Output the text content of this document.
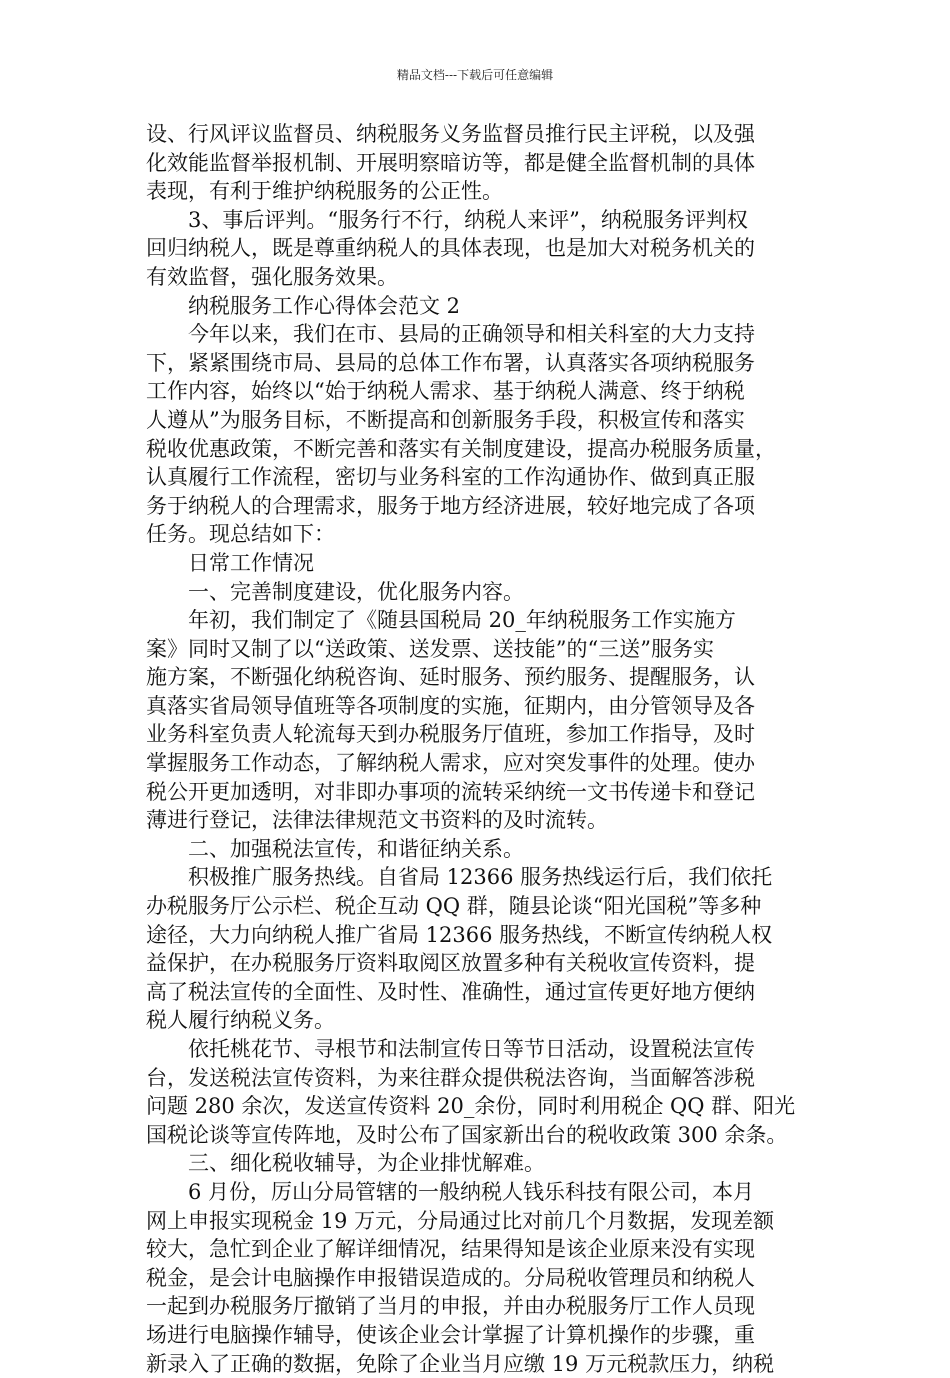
精品文档---下载后可任意编辑
设、行风评议监督员、纳税服务义务监督员推行民主评税，以及强
化效能监督举报机制、开展明察暗访等，都是健全监督机制的具体
表现，有利于维护纳税服务的公正性。
3、事后评判。“服务行不行，纳税人来评”，纳税服务评判权
回归纳税人，既是尊重纳税人的具体表现，也是加大对税务机关的
有效监督，强化服务效果。
纳税服务工作心得体会范文 2
今年以来，我们在市、县局的正确领导和相关科室的大力支持
下，紧紧围绕市局、县局的总体工作布署，认真落实各项纳税服务
工作内容，始终以“始于纳税人需求、基于纳税人满意、终于纳税
人遵从”为服务目标，不断提高和创新服务手段，积极宣传和落实
税收优惠政策，不断完善和落实有关制度建设，提高办税服务质量，
认真履行工作流程，密切与业务科室的工作沟通协作、做到真正服
务于纳税人的合理需求，服务于地方经济进展，较好地完成了各项
任务。现总结如下：
日常工作情况
一、完善制度建设，优化服务内容。
年初，我们制定了《随县国税局 20_年纳税服务工作实施方
案》同时又制了以“送政策、送发票、送技能”的“三送”服务实
施方案，不断强化纳税咨询、延时服务、预约服务、提醒服务，认
真落实省局领导值班等各项制度的实施，征期内，由分管领导及各
业务科室负责人轮流每天到办税服务厅值班，参加工作指导，及时
掌握服务工作动态，了解纳税人需求，应对突发事件的处理。使办
税公开更加透明，对非即办事项的流转采纳统一文书传递卡和登记
薄进行登记，法律法律规范文书资料的及时流转。
二、加强税法宣传，和谐征纳关系。
积极推广服务热线。自省局 12366 服务热线运行后，我们依托
办税服务厅公示栏、税企互动 QQ 群，随县论谈“阳光国税”等多种
途径，大力向纳税人推广省局 12366 服务热线，不断宣传纳税人权
益保护，在办税服务厅资料取阅区放置多种有关税收宣传资料，提
高了税法宣传的全面性、及时性、准确性，通过宣传更好地方便纳
税人履行纳税义务。
依托桃花节、寻根节和法制宣传日等节日活动，设置税法宣传
台，发送税法宣传资料，为来往群众提供税法咨询，当面解答涉税
问题 280 余次，发送宣传资料 20_余份，同时利用税企 QQ 群、阳光
国税论谈等宣传阵地，及时公布了国家新出台的税收政策 300 余条。
三、细化税收辅导，为企业排忧解难。
6 月份，厉山分局管辖的一般纳税人钱乐科技有限公司，本月
网上申报实现税金 19 万元，分局通过比对前几个月数据，发现差额
较大，急忙到企业了解详细情况，结果得知是该企业原来没有实现
税金，是会计电脑操作申报错误造成的。分局税收管理员和纳税人
一起到办税服务厅撤销了当月的申报，并由办税服务厅工作人员现
场进行电脑操作辅导，使该企业会计掌握了计算机操作的步骤，重
新录入了正确的数据，免除了企业当月应缴 19 万元税款压力，纳税
